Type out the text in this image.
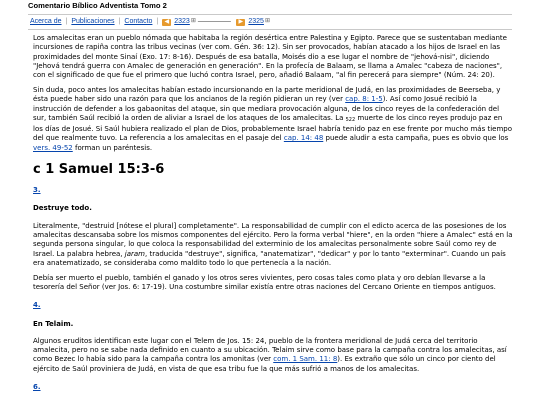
Comentario Bíblico Adventista Tomo 2
Acerca de | Publicaciones | Contacto |	◀ 2323 ⊞ —————	▶ 2325 ⊞

Los amalecitas eran un pueblo nómada que habitaba la región desértica entre Palestina y Egipto. Parece que se sustentaban mediante incursiones de rapiña contra las tribus vecinas (ver com. Gén. 36: 12). Sin ser provocados, habían atacado a los hijos de Israel en las proximidades del monte Sinaí (Exo. 17: 8-16). Después de esa batalla, Moisés dio a ese lugar el nombre de "jehová-nisi", diciendo "Jehová tendrá guerra con Amalec de generación en generación". En la profecía de Balaam, se llama a Amalec "cabeza de naciones", con el significado de que fue el primero que luchó contra Israel, pero, añadió Balaam, "al fin perecerá para siempre" (Núm. 24: 20).

Sin duda, poco antes los amalecitas habían estado incursionando en la parte meridional de Judá, en las proximidades de Beerseba, y ésta puede haber sido una razón para que los ancianos de la región pidieran un rey (ver cap. 8: 1-5). Así como Josué recibió la instrucción de defender a los gabaonitas del ataque, sin que mediara provocación alguna, de los cinco reyes de la confederación del sur, también Saúl recibió la orden de aliviar a Israel de los ataques de los amalecitas. La $_{522}$ muerte de los cinco reyes produjo paz en los días de Josué. Si Saúl hubiera realizado el plan de Dios, probablemente Israel habría tenido paz en ese frente por mucho más tiempo del que realmente tuvo. La referencia a los amalecitas en el pasaje del cap. 14: 48 puede aludir a esta campaña, pues es obvio que los vers. 49-52 forman un paréntesis.

c 1 Samuel 15:3-6
3.
Destruye todo.

Literalmente, "destruid [nótese el plural] completamente". La responsabilidad de cumplir con el edicto acerca de las posesiones de los amalecitas descansaba sobre los mismos componentes del ejército. Pero la forma verbal "hiere", en la orden "hiere a Amalec" está en la segunda persona singular, lo que coloca la responsabilidad del exterminio de los amalecitas personalmente sobre Saúl como rey de Israel. La palabra hebrea, jaram, traducida "destruye", significa, "anatematizar", "dedicar" y por lo tanto "exterminar". Cuando un país era anatematizado, se consideraba como maldito todo lo que pertenecía a la nación.

Debía ser muerto el pueblo, también el ganado y los otros seres vivientes, pero cosas tales como plata y oro debían llevarse a la tesorería del Señor (ver Jos. 6: 17-19). Una costumbre similar existía entre otras naciones del Cercano Oriente en tiempos antiguos.

4.
En Telaim.

Algunos eruditos identifican este lugar con el Telem de Jos. 15: 24, pueblo de la frontera meridional de Judá cerca del territorio amalecita, pero no se sabe nada definido en cuanto a su ubicación. Telaim sirve como base para la campaña contra los amalecitas, así como Bezec lo había sido para la campaña contra los amonitas (ver com. 1 Sam. 11: 8). Es extraño que sólo un cinco por ciento del ejército de Saúl proviniera de Judá, en vista de que esa tribu fue la que más sufrió a manos de los amalecitas.

6.
